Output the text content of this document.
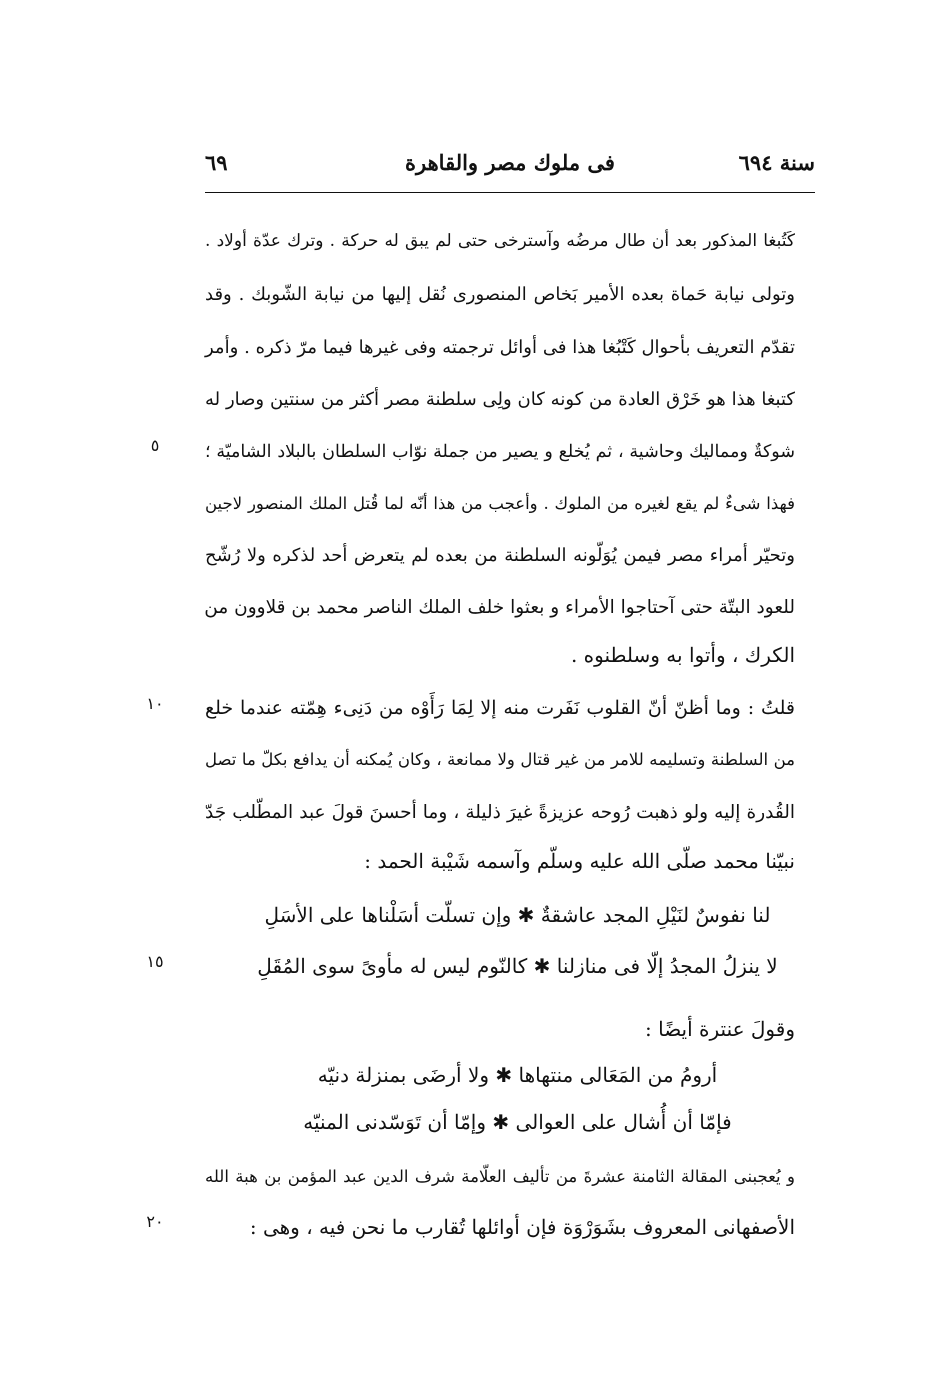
سنة ٦٩٤
فى ملوك مصر والقاهرة
٦٩
كَتُبغا المذكور بعد أن طال مرضُه وآسترخى حتى لم يبق له حركة . وترك عدّة أولاد .
وتولى نيابة حَماة بعده الأمير بَخاص المنصورى نُقل إليها من نيابة الشّوبك . وقد
تقدّم التعريف بأحوال كَتْبُغا هذا فى أوائل ترجمته وفى غيرها فيما مرّ ذكره . وأمر
كتبغا هذا هو خَرْق العادة من كونه كان ولِى سلطنة مصر أكثر من سنتين وصار له
شوكةٌ ومماليك وحاشية ، ثم يُخلع و يصير من جملة نوّاب السلطان بالبلاد الشاميّة ؛
فهذا شىءٌ لم يقع لغيره من الملوك . وأعجب من هذا أنّه لما قُتل الملك المنصور لاجين
وتحيّر أمراء مصر فيمن يُوَلّونه السلطنة من بعده لم يتعرض أحد لذكره ولا رُشّح
للعود البتّة حتى آحتاجوا الأمراء و بعثوا خلف الملك الناصر محمد بن قلاوون من
الكرك ، وأتوا به وسلطنوه .
قلتُ : وما أظنّ أنّ القلوب نَفَرت منه إلا لِمَا رَأَوْه من دَنِىء هِمّته عندما خلع
من السلطنة وتسليمه للامر من غير قتال ولا ممانعة ، وكان يُمكنه أن يدافع بكلّ ما تصل
القُدرة إليه ولو ذهبت رُوحه عزيزةً غيرَ ذليلة ، وما أحسنَ قولَ عبد المطّلب جَدّ
نبيّنا محمد صلّى الله عليه وسلّم وآسمه شَيْبة الحمد :
لنا نفوسٌ لنَيْلِ المجد عاشقةٌ ✱ وإن تسلّت أسَلْناها على الأسَلِ
لا ينزلُ المجدُ إلّا فى منازلنا ✱ كالنّوم ليس له مأوىً سوى المُقَلِ
وقولَ عنترة أيضًا :
أرومُ من المَعَالى منتهاها ✱ ولا أرضَى بمنزلة دنيّه
فإمّا أن أُشال على العوالى ✱ وإمّا أن تَوَسّدنى المنيّه
و يُعجبنى المقالة الثامنة عشرةَ من تأليف العلّامة شرف الدين عبد المؤمن بن هبة الله
الأصفهانى المعروف بشَوَرْوَة فإن أوائلها تُقارب ما نحن فيه ، وهى :
٥
١٠
١٥
٢٠
